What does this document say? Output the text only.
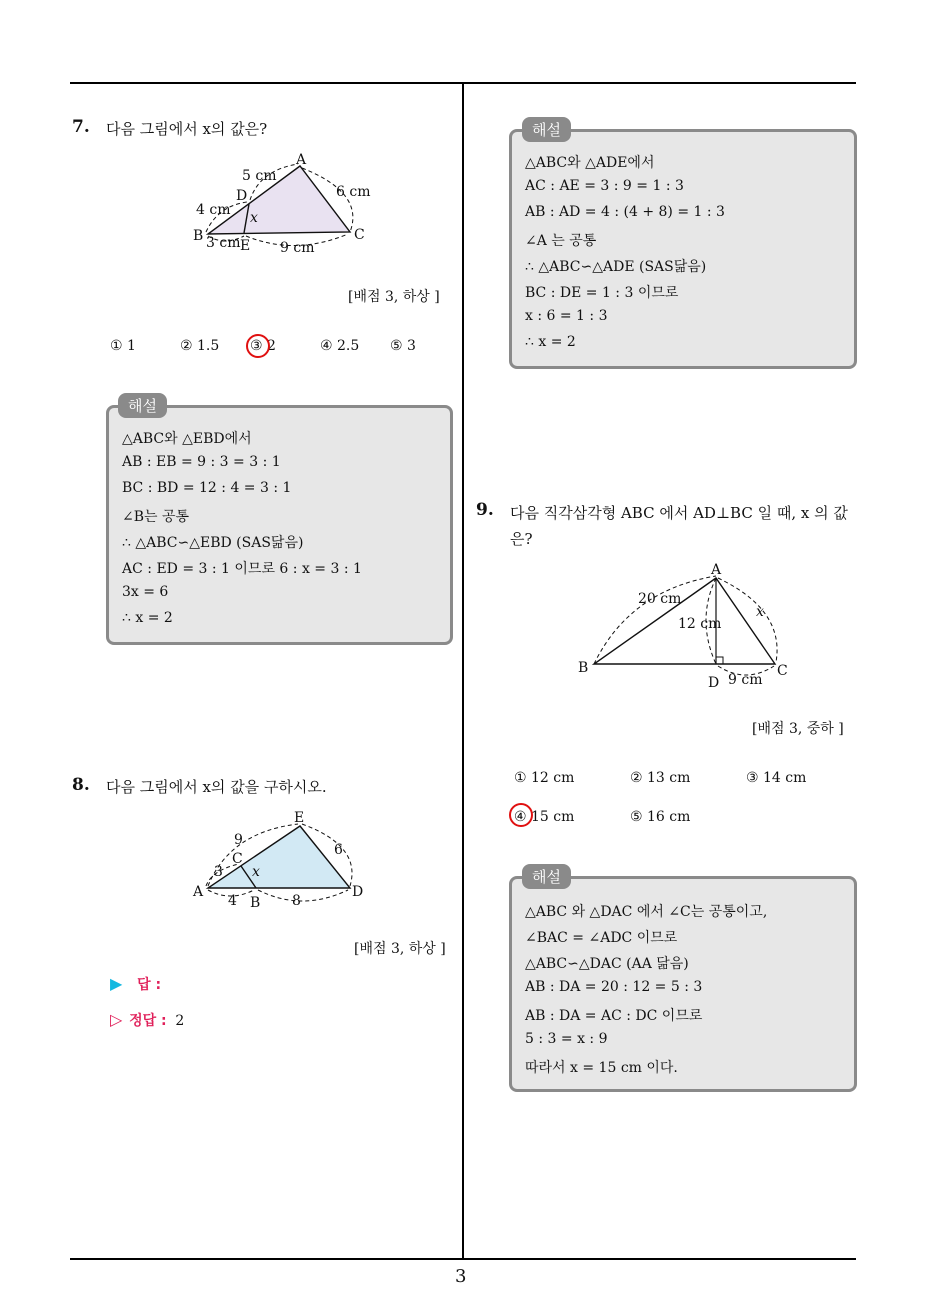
3
7. 다음 그림에서 x의 값은?
A
B	C
D
E
x
5 cm
4 cm
3 cm	9 cm
6 cm
[배점 3, 하상 ]
① 1	② 1.5 ③ 2	④ 2.5 ⑤ 3
△ABC와 △EBD에서
AB : EB = 9 : 3 = 3 : 1
BC : BD = 12 : 4 = 3 : 1
∠B는 공통
∴ △ABC∽△EBD (SAS닮음)
AC : ED = 3 : 1 이므로 6 : x = 3 : 1
3x = 6
∴ x = 2
해설
8. 다음 그림에서 x의 값을 구하시오.
A
B
C
D
E
x
9
6
3
4	8
[배점 3, 하상 ]
▶ 답 :
▷ 정답 : 2
△ABC와 △ADE에서
AC : AE = 3 : 9 = 1 : 3
AB : AD = 4 : (4 + 8) = 1 : 3
∠A 는 공통
∴ △ABC∽△ADE (SAS닮음)
BC : DE = 1 : 3 이므로
x : 6 = 1 : 3
∴ x = 2
해설
9. 다음 직각삼각형 ABC 에서 AD⊥BC 일 때, x 의 값
은?
A
B	C
D
x
20 cm
12 cm
9 cm
[배점 3, 중하 ]
① 12 cm	② 13 cm	③ 14 cm
④ 15 cm	⑤ 16 cm
△ABC 와 △DAC 에서 ∠C는 공통이고,
∠BAC = ∠ADC 이므로
△ABC∽△DAC (AA 닮음)
AB : DA = 20 : 12 = 5 : 3
AB : DA = AC : DC 이므로
5 : 3 = x : 9
따라서 x = 15 cm 이다.
해설
